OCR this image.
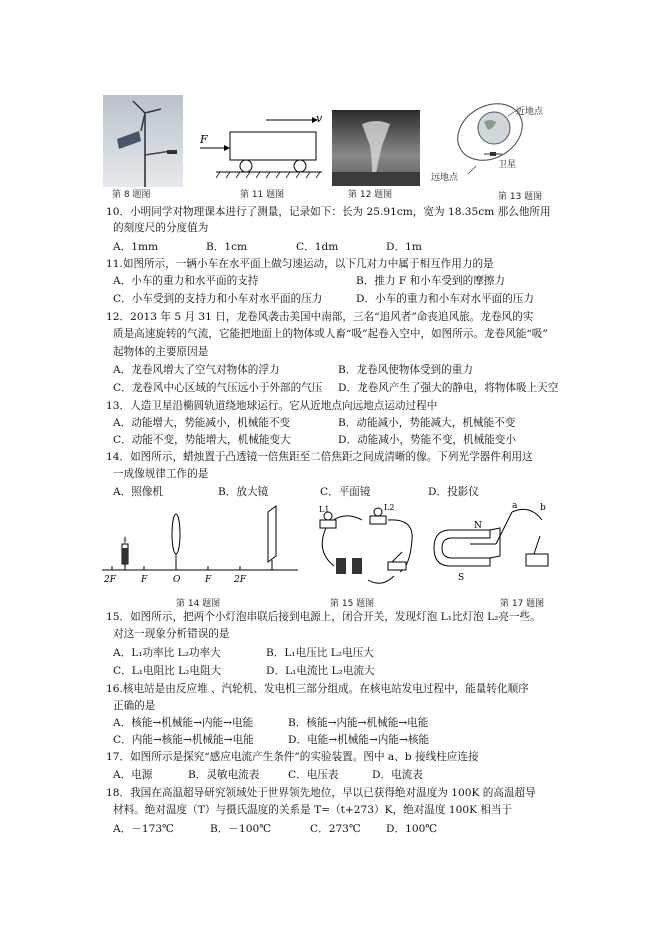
第 8 题图
v
F
第 11 题图	第 12 题图
近地点
卫星
远地点
第 13 题图
10．小明同学对物理课本进行了测量，记录如下：长为 25.91cm，宽为 18.35cm 那么他所用
的刻度尺的分度值为
A．1mm	B．1cm	C．1dm	D．1m
11.如图所示，一辆小车在水平面上做匀速运动，以下几对力中属于相互作用力的是
A．小车的重力和水平面的支持	B．推力 F 和小车受到的摩擦力
C．小车受到的支持力和小车对水平面的压力	D．小车的重力和小车对水平面的压力
12．2013 年 5 月 31 日，龙卷风袭击美国中南部，三名“追风者”命丧追风旅。龙卷风的实
质是高速旋转的气流，它能把地面上的物体或人畜“吸”起卷入空中，如图所示。龙卷风能“吸”
起物体的主要原因是
A．龙卷风增大了空气对物体的浮力	B．龙卷风使物体受到的重力
C．龙卷风中心区域的气压远小于外部的气压 D．龙卷风产生了强大的静电，将物体吸上天空
13．人造卫星沿椭圆轨道绕地球运行。它从近地点向远地点运动过程中
A．动能增大，势能减小，机械能不变	B．动能减小，势能减大，机械能不变
C．动能不变，势能增大，机械能变大	D．动能减小，势能不变，机械能变小
14．如图所示，蜡烛置于凸透镜一倍焦距至二倍焦距之间成清晰的像。下列光学器件利用这
一成像规律工作的是
A．照像机	B．放大镜	C．平面镜	D．投影仪
2F	F	O	F	2F
第 14 题图
L1	L2
第 15 题图
N
S
a	b
第 17 题图
15．如图所示，把两个小灯泡串联后接到电源上，闭合开关，发现灯泡 L₁比灯泡 L₂亮一些。
对这一现象分析错误的是
A．L₁功率比 L₂功率大	B．L₁电压比 L₂电压大
C．L₁电阻比 L₂电阻大	D．L₁电流比 L₂电流大
16.核电站是由反应堆 、汽轮机、发电机三部分组成。在核电站发电过程中，能量转化顺序
正确的是
A．核能→机械能→内能→电能	B．核能→内能→机械能→电能
C．内能→核能→机械能→电能	D．电能→机械能→内能→核能
17．如图所示是探究“感应电流产生条件”的实验装置。图中 a、b 接线柱应连接
A．电源	B．灵敏电流表	C．电压表	D．电流表
18．我国在高温超导研究领域处于世界领先地位，早以已获得绝对温度为 100K 的高温超导
材料。绝对温度（T）与摄氏温度的关系是 T=（t+273）K，绝对温度 100K 相当于
A．－173℃	B．－100℃	C．273℃ D．100℃
